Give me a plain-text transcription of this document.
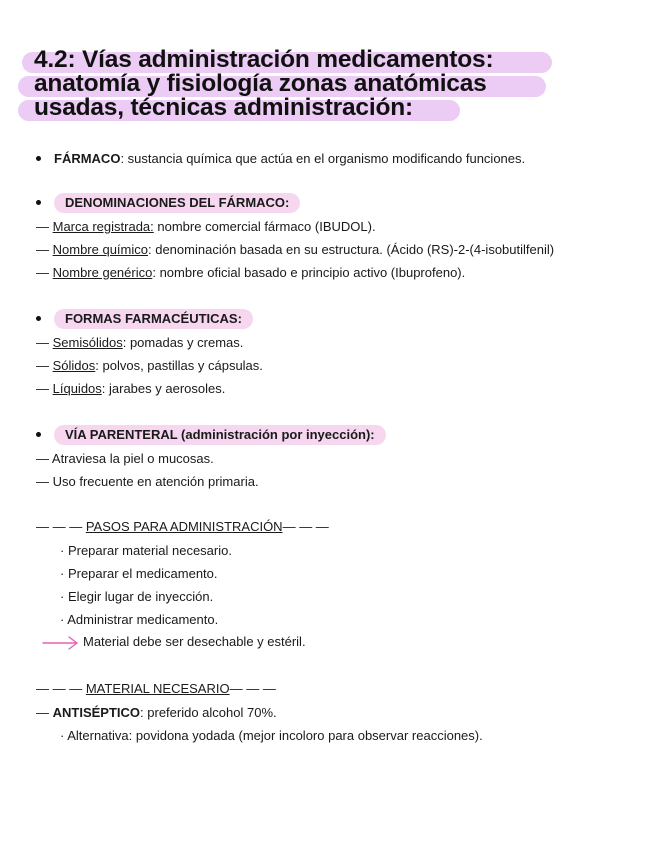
4.2: Vías administración medicamentos:
anatomía y fisiología zonas anatómicas
usadas, técnicas administración:
FÁRMACO: sustancia química que actúa en el organismo modificando funciones.
DENOMINACIONES DEL FÁRMACO:
— Marca registrada: nombre comercial fármaco (IBUDOL).
— Nombre químico: denominación basada en su estructura. (Ácido (RS)-2-(4-isobutilfenil)
— Nombre genérico: nombre oficial basado e principio activo (Ibuprofeno).
FORMAS FARMACÉUTICAS:
— Semisólidos: pomadas y cremas.
— Sólidos: polvos, pastillas y cápsulas.
— Líquidos: jarabes y aerosoles.
VÍA PARENTERAL (administración por inyección):
— Atraviesa la piel o mucosas.
— Uso frecuente en atención primaria.
— — — PASOS PARA ADMINISTRACIÓN— — —
· Preparar material necesario.
· Preparar el medicamento.
· Elegir lugar de inyección.
· Administrar medicamento.
Material debe ser desechable y estéril.
— — — MATERIAL NECESARIO— — —
— ANTISÉPTICO: preferido alcohol 70%.
· Alternativa: povidona yodada (mejor incoloro para observar reacciones).
